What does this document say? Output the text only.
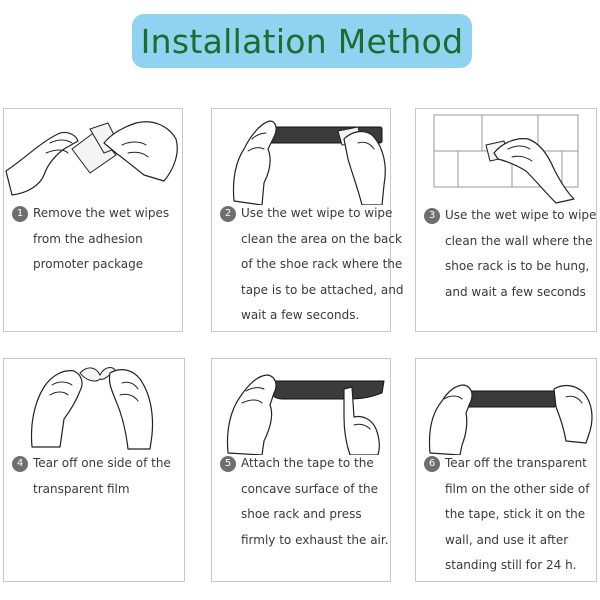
Installation Method
1 Remove the wet wipes
from the adhesion
promoter package
2 Use the wet wipe to wipe
clean the area on the back
of the shoe rack where the
tape is to be attached, and
wait a few seconds.
3 Use the wet wipe to wipe
clean the wall where the
shoe rack is to be hung,
and wait a few seconds
4 Tear off one side of the
transparent film
5 Attach the tape to the
concave surface of the
shoe rack and press
firmly to exhaust the air.
6 Tear off the transparent
film on the other side of
the tape, stick it on the
wall, and use it after
standing still for 24 h.
